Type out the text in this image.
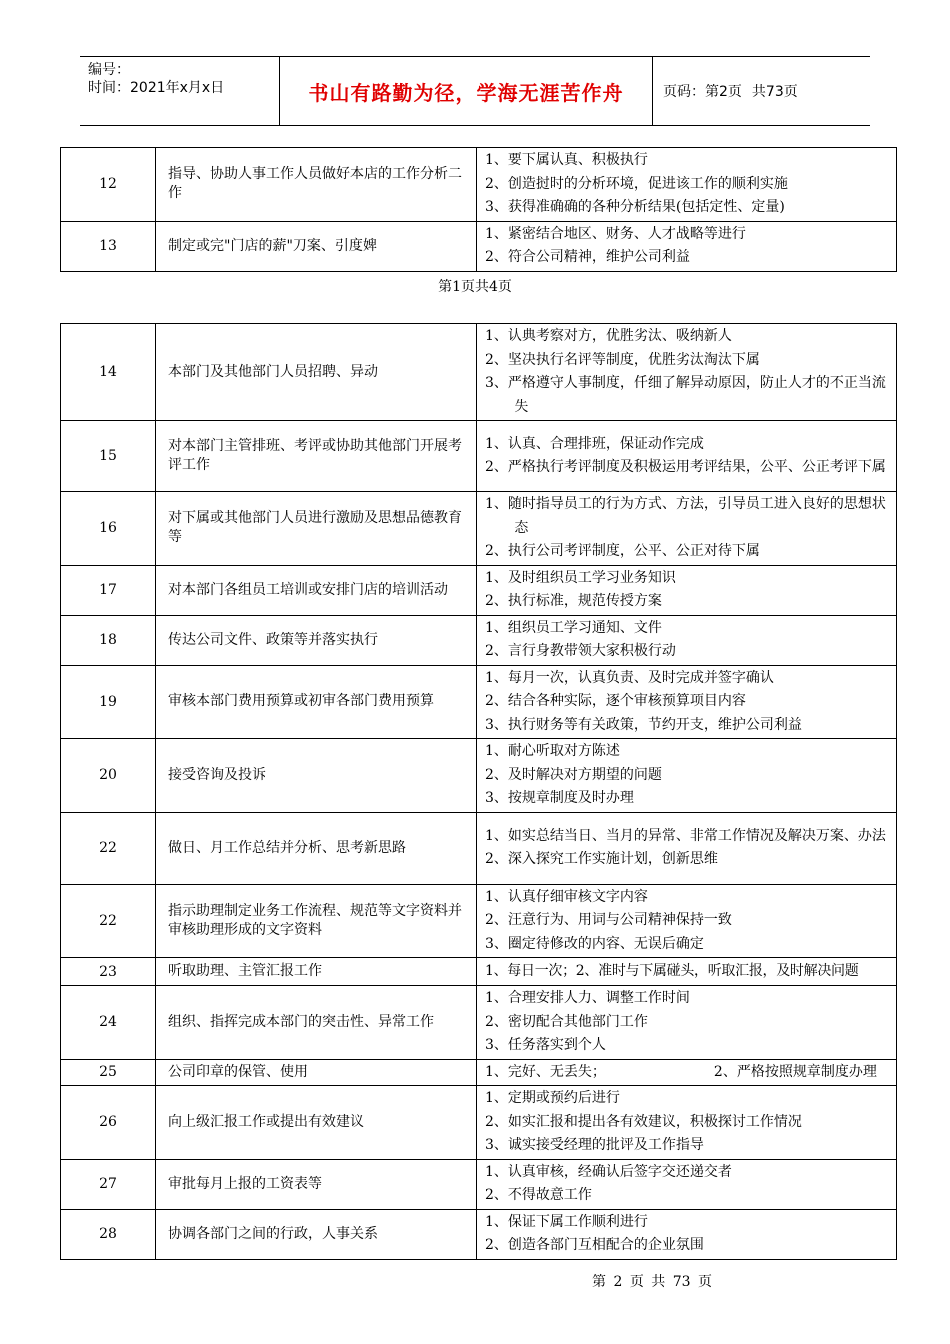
编号：
时间：2021年x月x日	书山有路勤为径，学海无涯苦作舟	页码：第2页 共73页
12	指导、协助人事工作人员做好本店的工作分析二作	1、要下属认真、积极执行
2、创造挝时的分析环境，促进该工作的顺利实施
3、获得准确确的各种分析结果(包括定性、定量)

13	制定或完"门店的薪"刀案、引度婢	1、紧密结合地区、财务、人才战略等进行
2、符合公司精神，维护公司利益
第1页共4页
14	本部门及其他部门人员招聘、异动	1、认典考察对方，优胜劣汰、吸纳新人
2、坚决执行名评等制度，优胜劣汰淘汰下属
3、严格遵守人事制度，仟细了解异动原因，防止人才的不正当流失

15	对本部门主管排班、考评或协助其他部门开展考评工作	1、认真、合理排班，保证动作完成
2、严格执行考评制度及积极运用考评结果，公平、公正考评下属

16	对下属或其他部门人员进行激励及思想品德教育等	1、随时指导员工的行为方式、方法，引导员工进入良好的思想状态
2、执行公司考评制度，公平、公正对待下属

17	对本部门各组员工培训或安排门店的培训活动	1、及时组织员工学习业务知识
2、执行标准，规范传授方案

18	传达公司文件、政策等并落实执行	1、组织员工学习通知、文件
2、言行身教带领大家积极行动

19	审核本部门费用预算或初审各部门费用预算	1、每月一次，认真负责、及时完成并签字确认
2、结合各种实际，逐个审核预算项目内容
3、执行财务等有关政策，节约开支，维护公司利益

20	接受咨询及投诉	1、耐心听取对方陈述
2、及时解决对方期望的问题
3、按规章制度及时办理

22	做日、月工作总结并分析、思考新思路	1、如实总结当日、当月的异常、非常工作情况及解决万案、办法
2、深入探究工作实施计划，创新思维

22	指示助理制定业务工作流程、规范等文字资料并审核助理形成的文字资料	1、认真仔细审核文字内容
2、汪意行为、用词与公司精神保持一致
3、圈定待修改的内容、无误后确定

23	听取助理、主管汇报工作	1、每日一次；2、准时与下属碰头，听取汇报，及时解决问题

24	组织、指挥完成本部门的突击性、异常工作	1、合理安排人力、调整工作时间
2、密切配合其他部门工作
3、任务落实到个人

25	公司印章的保管、使用	1、完好、无丢失； 2、严格按照规章制度办理
26	向上级汇报工作或提出有效建议	1、定期或预约后进行
2、如实汇报和提出各有效建议，积极探讨工作情况
3、诚实接受经理的批评及工作指导

27	审批每月上报的工资表等	1、认真审核，经确认后签字交还递交者
2、不得故意工作

28	协调各部门之间的行政，人事关系	1、保证下属工作顺利进行
2、创造各部门互相配合的企业氛围
第 2 页 共 73 页
